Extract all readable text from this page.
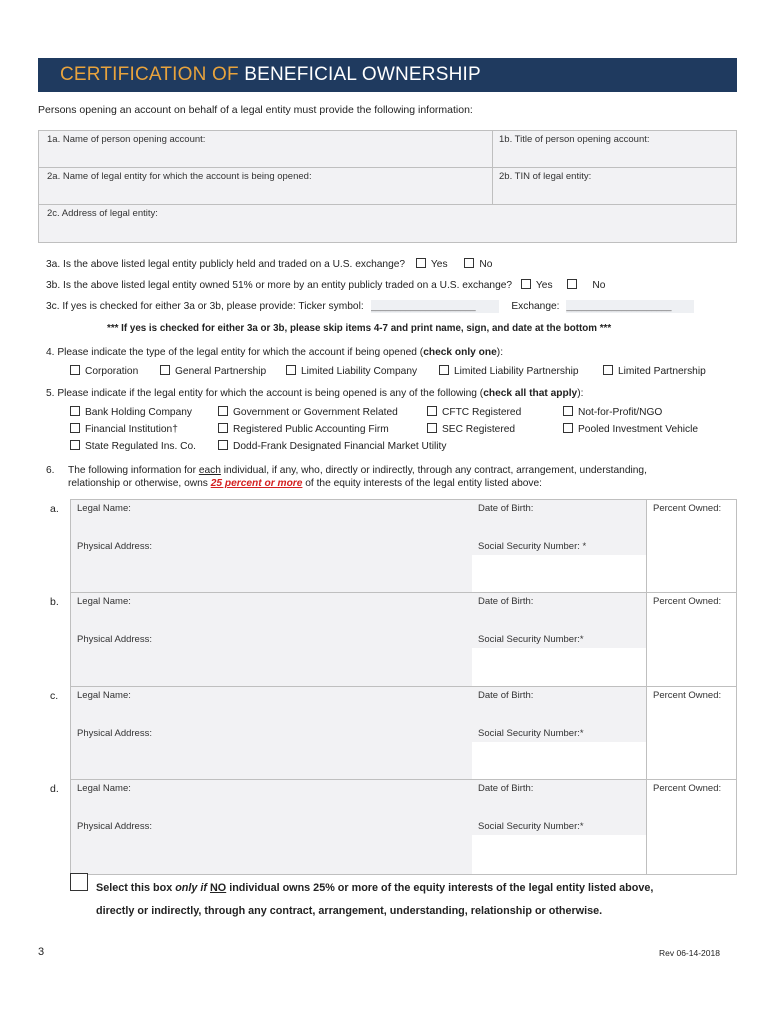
CERTIFICATION OF BENEFICIAL OWNERSHIP
Persons opening an account on behalf of a legal entity must provide the following information:
1a. Name of person opening account:	1b. Title of person opening account:
2a. Name of legal entity for which the account is being opened:	2b. TIN of legal entity:
2c. Address of legal entity:
3a. Is the above listed legal entity publicly held and traded on a U.S. exchange?	Yes	No
3b. Is the above listed legal entity owned 51% or more by an entity publicly traded on a U.S. exchange? Yes	No
3c. If yes is checked for either 3a or 3b, please provide: Ticker symbol: _____________________	Exchange: _____________________
*** If yes is checked for either 3a or 3b, please skip items 4-7 and print name, sign, and date at the bottom ***
4. Please indicate the type of the legal entity for which the account if being opened (check only one):
Corporation	General Partnership	Limited Liability Company	Limited Liability Partnership	Limited Partnership
5. Please indicate if the legal entity for which the account is being opened is any of the following (check all that apply):
Bank Holding Company	Government or Government Related	CFTC Registered	Not-for-Profit/NGO
Financial Institution†	Registered Public Accounting Firm	SEC Registered	Pooled Investment Vehicle
State Regulated Ins. Co.	Dodd-Frank Designated Financial Market Utility
6. The following information for each individual, if any, who, directly or indirectly, through any contract, arrangement, understanding,
relationship or otherwise, owns 25 percent or more of the equity interests of the legal entity listed above:
a. Legal Name:	Date of Birth:
Physical Address:	Social Security Number: *
Percent Owned:
b. Legal Name:	Date of Birth:
Physical Address:	Social Security Number:*
Percent Owned:
c. Legal Name:	Date of Birth:
Physical Address:	Social Security Number:*
Percent Owned:
d. Legal Name:	Date of Birth:
Physical Address:	Social Security Number:*
Percent Owned:
Select this box only if NO individual owns 25% or more of the equity interests of the legal entity listed above,
directly or indirectly, through any contract, arrangement, understanding, relationship or otherwise.
3	Rev 06-14-2018
